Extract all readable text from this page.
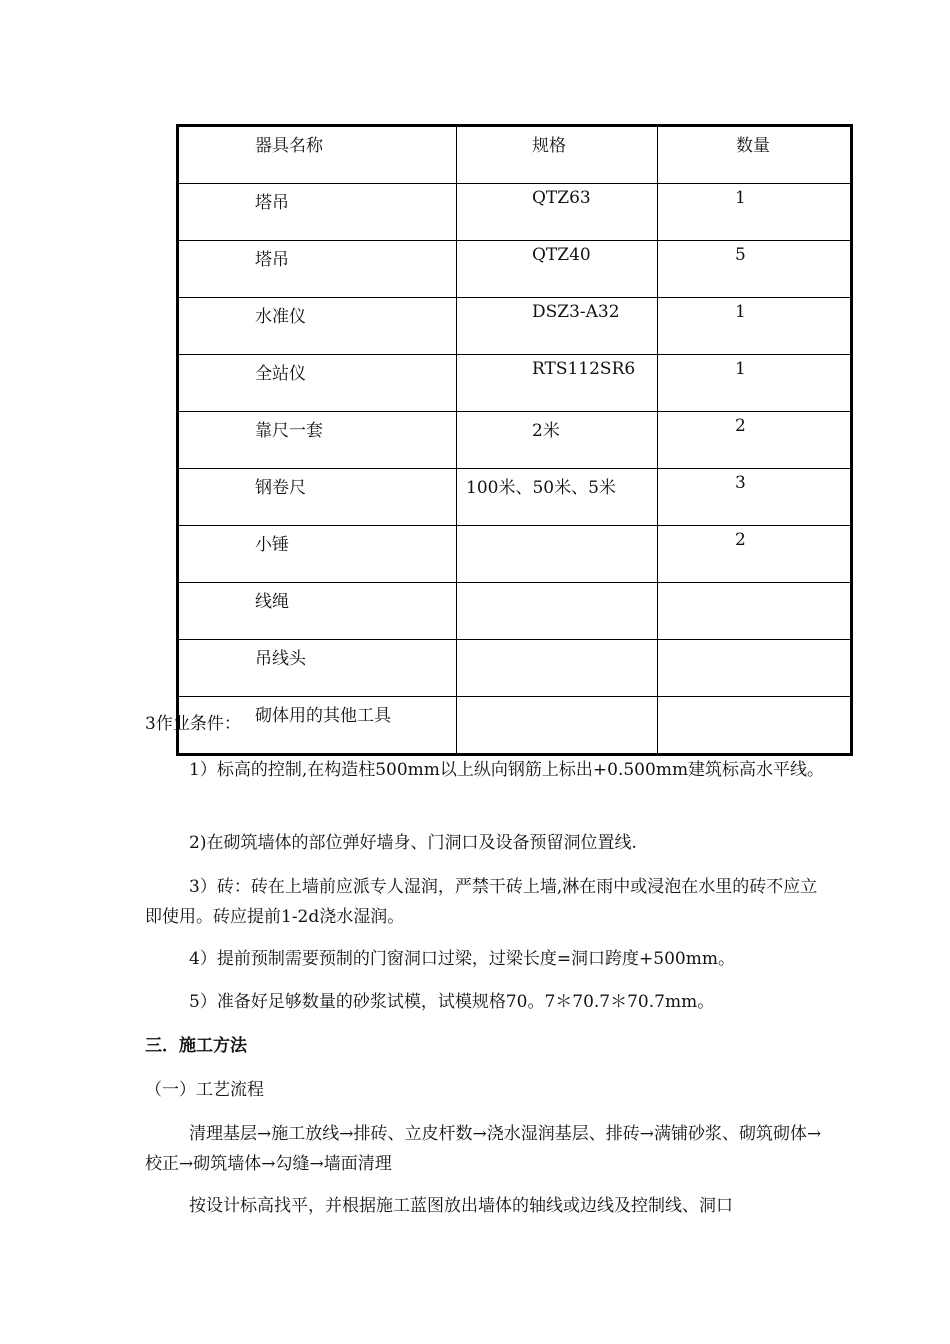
器具名称	规格	数量
塔吊	QTZ63	1
塔吊	QTZ40	5
水准仪	DSZ3-A32	1
全站仪	RTS112SR6	1
靠尺一套	2米	2
钢卷尺	100米、50米、5米	3
小锤		2
线绳		
吊线头		
砌体用的其他工具		

3作业条件：

1）标高的控制,在构造柱500mm以上纵向钢筋上标出+0.500mm建筑标高水平线。

2)在砌筑墙体的部位弹好墙身、门洞口及设备预留洞位置线.

3）砖：砖在上墙前应派专人湿润，严禁干砖上墙,淋在雨中或浸泡在水里的砖不应立即使用。砖应提前1-2d浇水湿润。

4）提前预制需要预制的门窗洞口过梁，过梁长度=洞口跨度+500mm。

5）准备好足够数量的砂浆试模，试模规格70。7＊70.7＊70.7mm。

三．施工方法

（一）工艺流程

清理基层→施工放线→排砖、立皮杆数→浇水湿润基层、排砖→满铺砂浆、砌筑砌体→校正→砌筑墙体→勾缝→墙面清理

按设计标高找平，并根据施工蓝图放出墙体的轴线或边线及控制线、洞口
